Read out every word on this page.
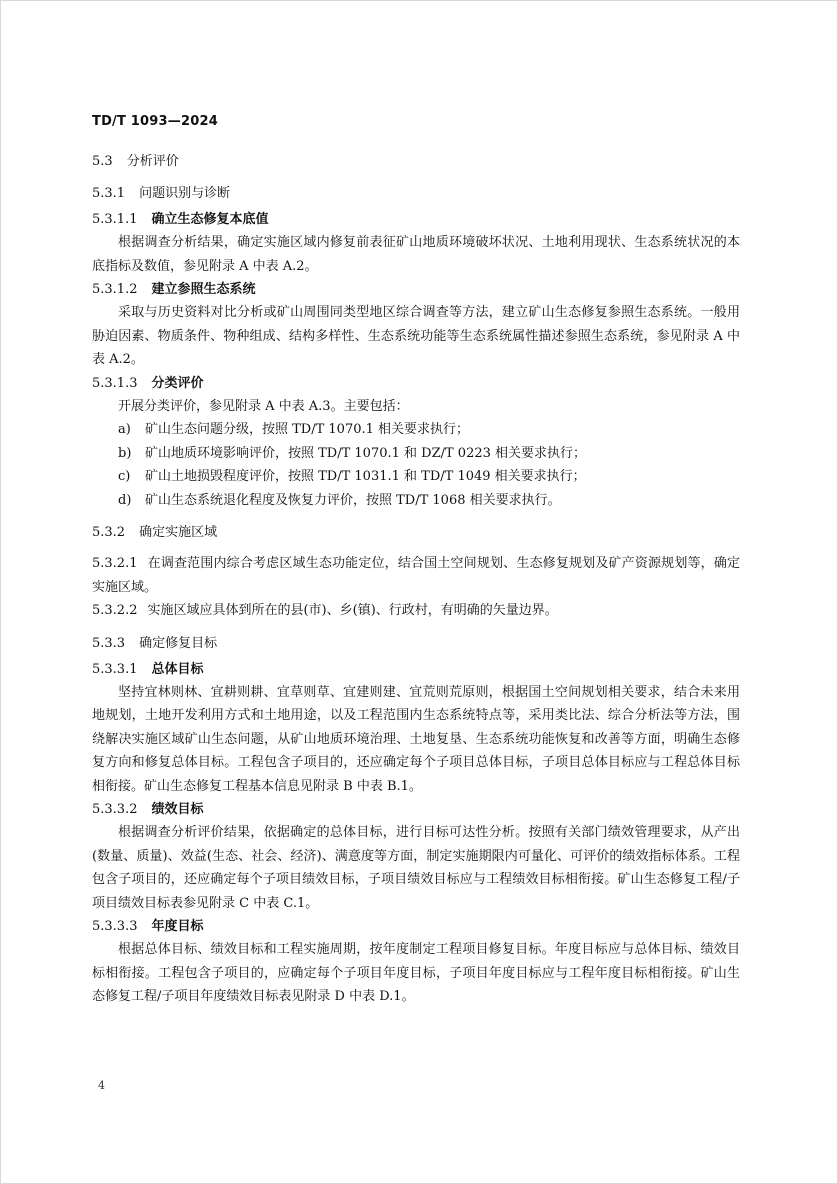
TD/T 1093—2024
5.3 分析评价
5.3.1 问题识别与诊断
5.3.1.1 确立生态修复本底值

根据调查分析结果，确定实施区域内修复前表征矿山地质环境破坏状况、土地利用现状、生态系统状况的本底指标及数值，参见附录 A 中表 A.2。

5.3.1.2 建立参照生态系统

采取与历史资料对比分析或矿山周围同类型地区综合调查等方法，建立矿山生态修复参照生态系统。一般用胁迫因素、物质条件、物种组成、结构多样性、生态系统功能等生态系统属性描述参照生态系统，参见附录 A 中表 A.2。

5.3.1.3 分类评价

开展分类评价，参见附录 A 中表 A.3。主要包括：

a) 矿山生态问题分级，按照 TD/T 1070.1 相关要求执行；
b) 矿山地质环境影响评价，按照 TD/T 1070.1 和 DZ/T 0223 相关要求执行；
c) 矿山土地损毁程度评价，按照 TD/T 1031.1 和 TD/T 1049 相关要求执行；
d) 矿山生态系统退化程度及恢复力评价，按照 TD/T 1068 相关要求执行。
5.3.2 确定实施区域

5.3.2.1 在调查范围内综合考虑区域生态功能定位，结合国土空间规划、生态修复规划及矿产资源规划等，确定实施区域。

5.3.2.2 实施区域应具体到所在的县(市)、乡(镇)、行政村，有明确的矢量边界。

5.3.3 确定修复目标
5.3.3.1 总体目标

坚持宜林则林、宜耕则耕、宜草则草、宜建则建、宜荒则荒原则，根据国土空间规划相关要求，结合未来用地规划，土地开发利用方式和土地用途，以及工程范围内生态系统特点等，采用类比法、综合分析法等方法，围绕解决实施区域矿山生态问题，从矿山地质环境治理、土地复垦、生态系统功能恢复和改善等方面，明确生态修复方向和修复总体目标。工程包含子项目的，还应确定每个子项目总体目标，子项目总体目标应与工程总体目标相衔接。矿山生态修复工程基本信息见附录 B 中表 B.1。

5.3.3.2 绩效目标

根据调查分析评价结果，依据确定的总体目标，进行目标可达性分析。按照有关部门绩效管理要求，从产出(数量、质量)、效益(生态、社会、经济)、满意度等方面，制定实施期限内可量化、可评价的绩效指标体系。工程包含子项目的，还应确定每个子项目绩效目标，子项目绩效目标应与工程绩效目标相衔接。矿山生态修复工程/子项目绩效目标表参见附录 C 中表 C.1。

5.3.3.3 年度目标

根据总体目标、绩效目标和工程实施周期，按年度制定工程项目修复目标。年度目标应与总体目标、绩效目标相衔接。工程包含子项目的，应确定每个子项目年度目标，子项目年度目标应与工程年度目标相衔接。矿山生态修复工程/子项目年度绩效目标表见附录 D 中表 D.1。

4
